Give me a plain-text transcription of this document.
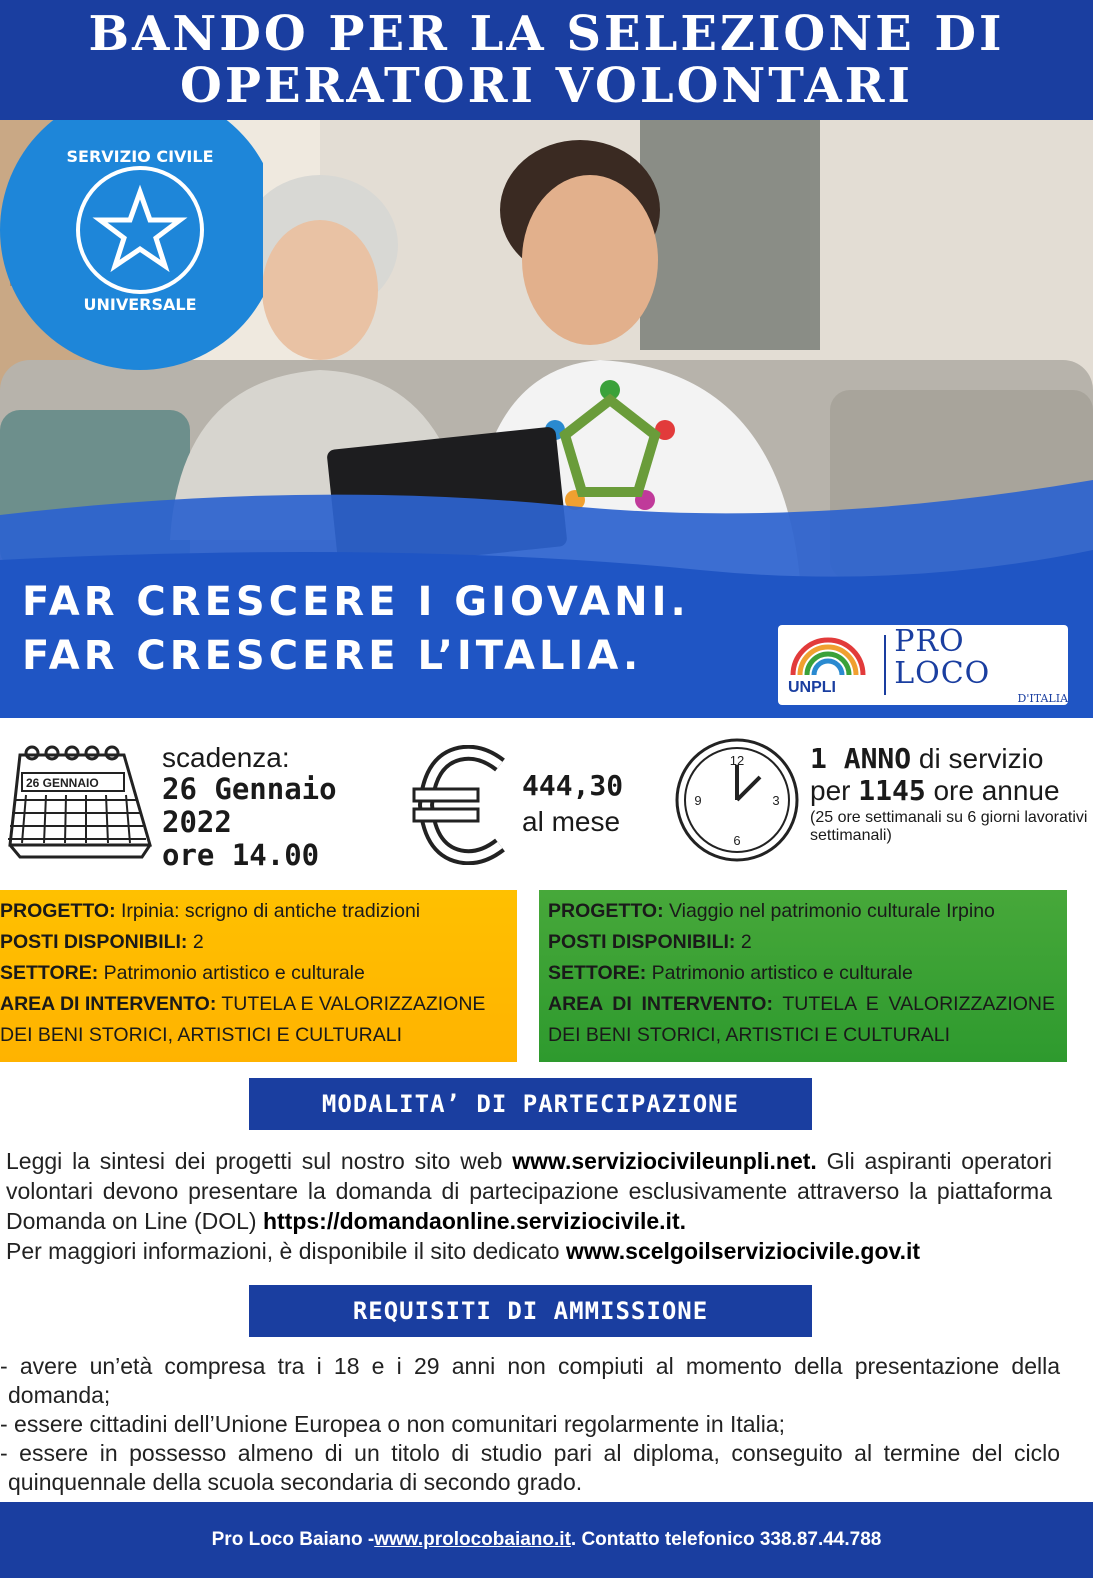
BANDO PER LA SELEZIONE DI
OPERATORI VOLONTARI
SERVIZIO CIVILE
UNIVERSALE
FAR CRESCERE I GIOVANI.
FAR CRESCERE L’ITALIA.
UNPLI
PRO LOCO
D'ITALIA
26 GENNAIO
scadenza:
26 Gennaio
2022
ore 14.00
444,30
al mese
12
3
6
9
1 ANNO di servizio
per 1145 ore annue
(25 ore settimanali su 6 giorni lavorativi settimanali)
PROGETTO: Irpinia: scrigno di antiche tradizioni
POSTI DISPONIBILI: 2
SETTORE: Patrimonio artistico e culturale
AREA DI INTERVENTO: TUTELA E VALORIZZAZIONE
DEI BENI STORICI, ARTISTICI E CULTURALI
PROGETTO: Viaggio nel patrimonio culturale Irpino
POSTI DISPONIBILI: 2
SETTORE: Patrimonio artistico e culturale
AREA DI INTERVENTO: TUTELA E VALORIZZAZIONE
DEI BENI STORICI, ARTISTICI E CULTURALI
MODALITA’ DI PARTECIPAZIONE
Leggi la sintesi dei progetti sul nostro sito web www.serviziocivileunpli.net. Gli aspiranti operatori volontari devono presentare la domanda di partecipazione esclusivamente attraverso la piattaforma Domanda on Line (DOL) https://domandaonline.serviziocivile.it.
Per maggiori informazioni, è disponibile il sito dedicato www.scelgoilserviziocivile.gov.it
REQUISITI DI AMMISSIONE
- avere un’età compresa tra i 18 e i 29 anni non compiuti al momento della presentazione della domanda;
- essere cittadini dell’Unione Europea o non comunitari regolarmente in Italia;
- essere in possesso almeno di un titolo di studio pari al diploma, conseguito al termine del ciclo quinquennale della scuola secondaria di secondo grado.
Pro Loco Baiano - www.prolocobaiano.it . Contatto telefonico 338.87.44.788
